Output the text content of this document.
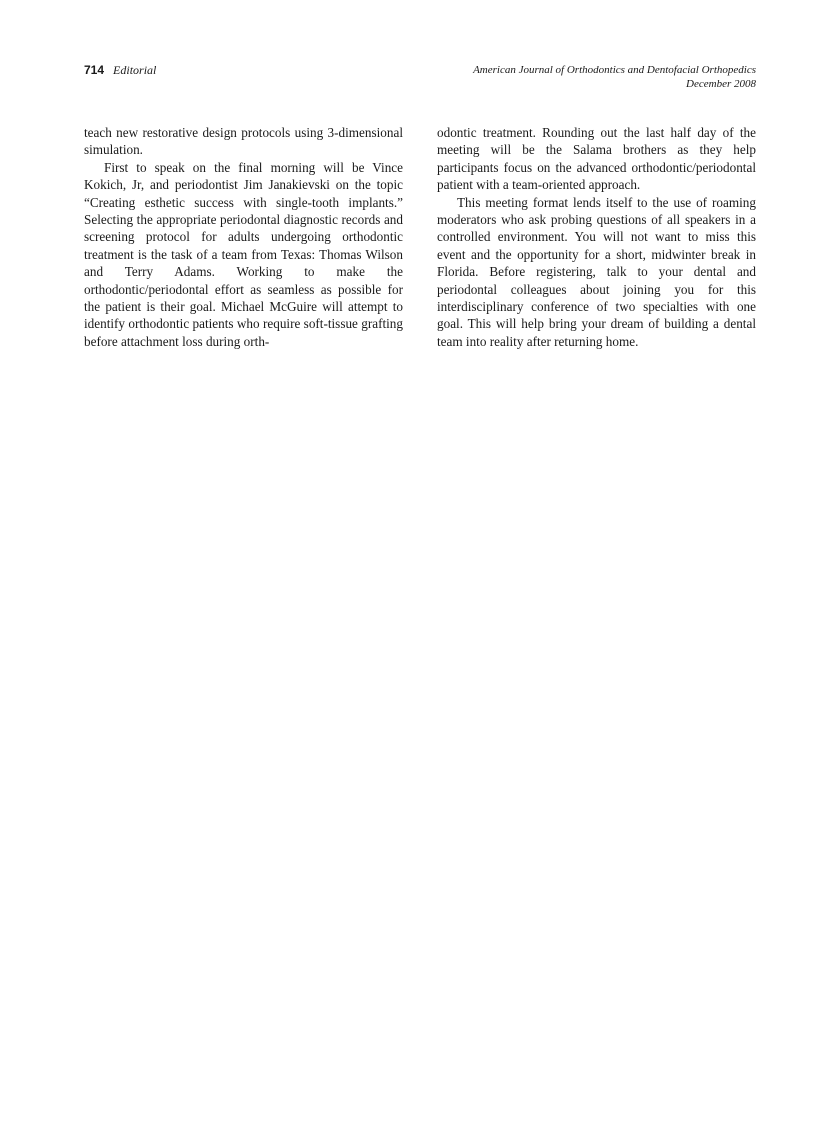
714 Editorial	American Journal of Orthodontics and Dentofacial Orthopedics
December 2008

teach new restorative design protocols using 3-dimensional simulation.

First to speak on the final morning will be Vince Kokich, Jr, and periodontist Jim Janakievski on the topic “Creating esthetic success with single-tooth implants.” Selecting the appropriate periodontal diagnostic records and screening protocol for adults undergoing orthodontic treatment is the task of a team from Texas: Thomas Wilson and Terry Adams. Working to make the orthodontic/periodontal effort as seamless as possible for the patient is their goal. Michael McGuire will attempt to identify orthodontic patients who require soft-tissue grafting before attachment loss during orth-

odontic treatment. Rounding out the last half day of the meeting will be the Salama brothers as they help participants focus on the advanced orthodontic/periodontal patient with a team-oriented approach.

This meeting format lends itself to the use of roaming moderators who ask probing questions of all speakers in a controlled environment. You will not want to miss this event and the opportunity for a short, midwinter break in Florida. Before registering, talk to your dental and periodontal colleagues about joining you for this interdisciplinary conference of two specialties with one goal. This will help bring your dream of building a dental team into reality after returning home.
